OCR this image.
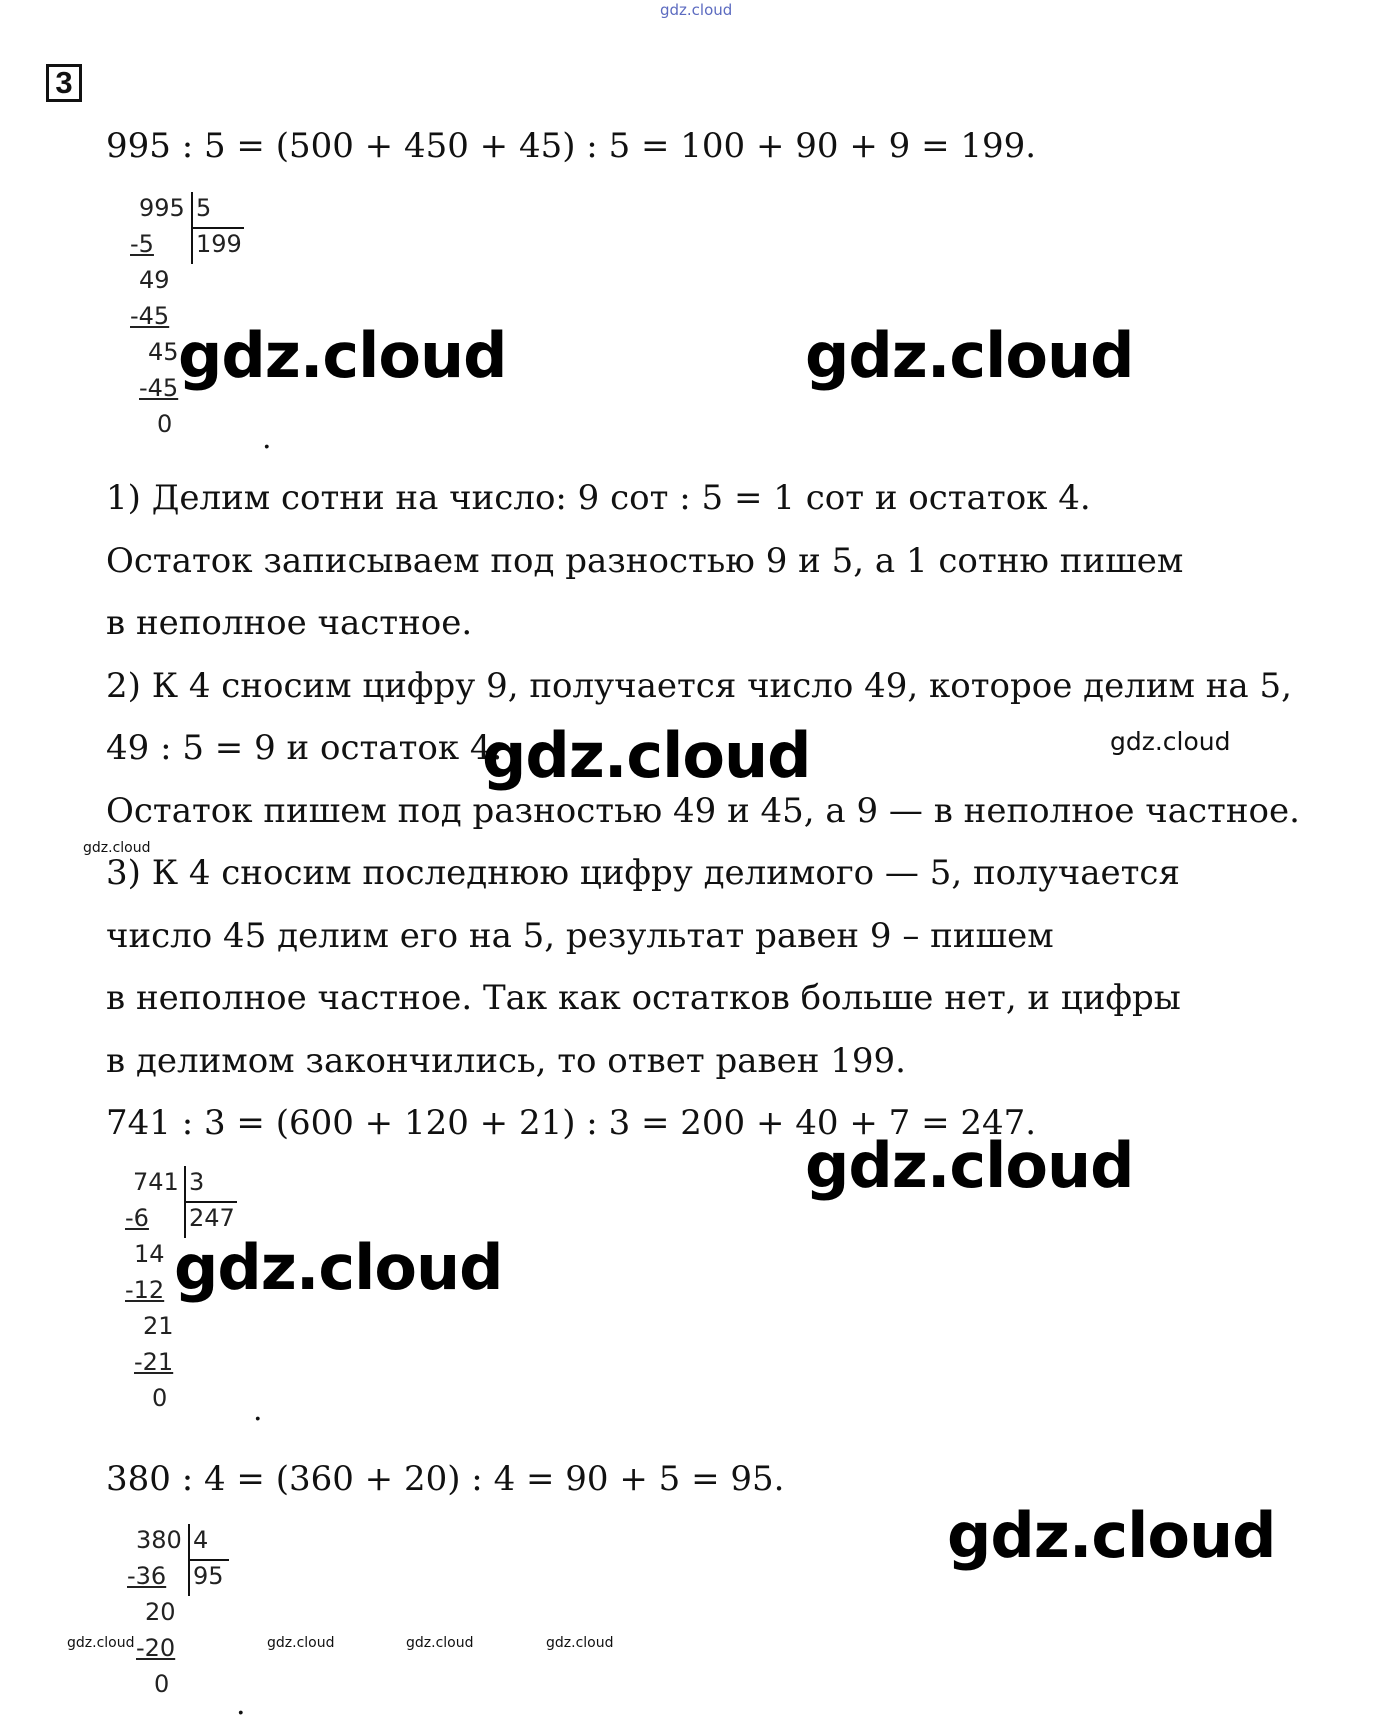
gdz.cloud
3
995 : 5 = (500 + 450 + 45) : 5 = 100 + 90 + 9 = 199.
995 5
199
-5
49
-45
45
-45
0	.
gdz.cloud	gdz.cloud
1) Делим сотни на число: 9 сот : 5 = 1 сот и остаток 4.
Остаток записываем под разностью 9 и 5, а 1 сотню пишем
в неполное частное.
2) К 4 сносим цифру 9, получается число 49, которое делим на 5,
49 : 5 = 9 и остаток 4.
Остаток пишем под разностью 49 и 45, а 9 — в неполное частное.
3) К 4 сносим последнюю цифру делимого — 5, получается
число 45 делим его на 5, результат равен 9 – пишем
в неполное частное. Так как остатков больше нет, и цифры
в делимом закончились, то ответ равен 199.
gdz.cloud	gdz.cloud
gdz.cloud
741 : 3 = (600 + 120 + 21) : 3 = 200 + 40 + 7 = 247.
741 3
247
-6
14
-12
21
-21
0	.
gdz.cloud
gdz.cloud
380 : 4 = (360 + 20) : 4 = 90 + 5 = 95.
380 4
95
-36
20
-20
0
.
gdz.cloud
gdz.cloud	gdz.cloud	gdz.cloud	gdz.cloud
